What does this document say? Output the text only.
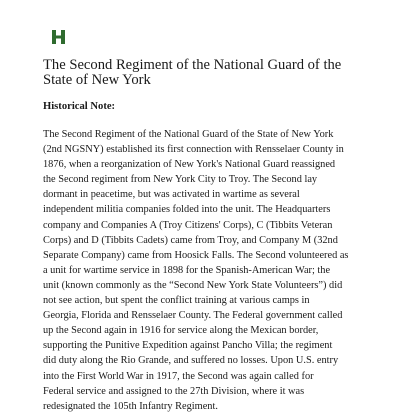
The Second Regiment of the National Guard of the
State of New York
Historical Note:

The Second Regiment of the National Guard of the State of New York
(2nd NGSNY) established its first connection with Rensselaer County in
1876, when a reorganization of New York's National Guard reassigned
the Second regiment from New York City to Troy. The Second lay
dormant in peacetime, but was activated in wartime as several
independent militia companies folded into the unit. The Headquarters
company and Companies A (Troy Citizens' Corps), C (Tibbits Veteran
Corps) and D (Tibbits Cadets) came from Troy, and Company M (32nd
Separate Company) came from Hoosick Falls. The Second volunteered as
a unit for wartime service in 1898 for the Spanish-American War; the
unit (known commonly as the “Second New York State Volunteers”) did
not see action, but spent the conflict training at various camps in
Georgia, Florida and Rensselaer County. The Federal government called
up the Second again in 1916 for service along the Mexican border,
supporting the Punitive Expedition against Pancho Villa; the regiment
did duty along the Rio Grande, and suffered no losses. Upon U.S. entry
into the First World War in 1917, the Second was again called for
Federal service and assigned to the 27th Division, where it was
redesignated the 105th Infantry Regiment.
